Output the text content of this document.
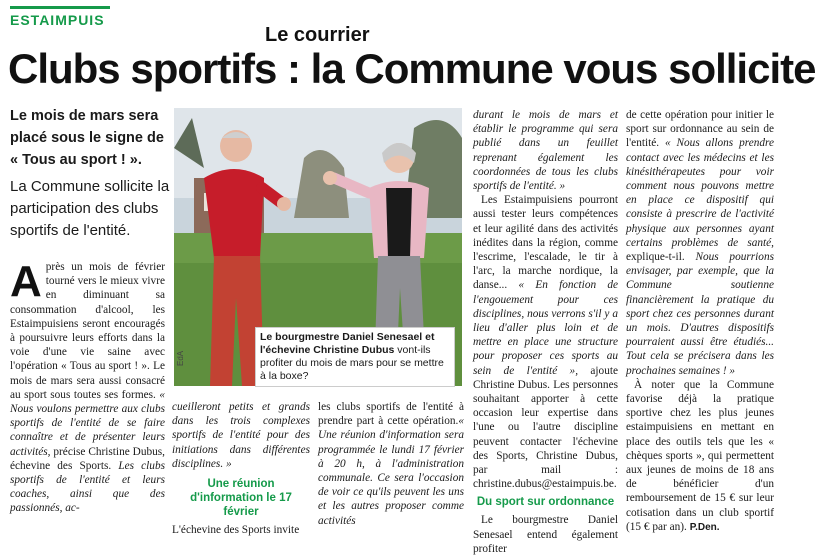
ESTAIMPUIS
Le courrier
Clubs sportifs : la Commune vous sollicite
Le mois de mars sera placé sous le signe de « Tous au sport ! ».
La Commune sollicite la participation des clubs sportifs de l'entité.
Le bourgmestre Daniel Senesael et l'échevine Christine Dubus vont-ils profiter du mois de mars pour se mettre à la boxe?
EdA

Après un mois de février tourné vers le mieux vivre en diminuant sa consommation d'alcool, les Estaimpuisiens seront encouragés à poursuivre leurs efforts dans la voie d'une vie saine avec l'opération « Tous au sport ! ». Le mois de mars sera aussi consacré au sport sous toutes ses formes. « Nous voulons permettre aux clubs sportifs de l'entité de se faire connaître et de présenter leurs activités, précise Christine Dubus, échevine des Sports. Les clubs sportifs de l'entité et leurs coaches, ainsi que des passionnés, ac-

cueilleront petits et grands dans les trois complexes sportifs de l'entité pour des initiations dans différentes disciplines. »

Une réunion d'information le 17 février

L'échevine des Sports invite

les clubs sportifs de l'entité à prendre part à cette opération.« Une réunion d'information sera programmée le lundi 17 février à 20 h, à l'administration communale. Ce sera l'occasion de voir ce qu'ils peuvent les uns et les autres proposer comme activités

durant le mois de mars et établir le programme qui sera publié dans un feuillet reprenant également les coordonnées de tous les clubs sportifs de l'entité. »

Les Estaimpuisiens pourront aussi tester leurs compétences et leur agilité dans des activités inédites dans la région, comme l'escrime, l'escalade, le tir à l'arc, la marche nordique, la danse... « En fonction de l'engouement pour ces disciplines, nous verrons s'il y a lieu d'aller plus loin et de mettre en place une structure pour proposer ces sports au sein de l'entité », ajoute Christine Dubus. Les personnes souhaitant apporter à cette occasion leur expertise dans l'une ou l'autre discipline peuvent contacter l'échevine des Sports, Christine Dubus, par mail : christine.dubus@estaimpuis.be.

Du sport sur ordonnance

Le bourgmestre Daniel Senesael entend également profiter

de cette opération pour initier le sport sur ordonnance au sein de l'entité. « Nous allons prendre contact avec les médecins et les kinésithérapeutes pour voir comment nous pouvons mettre en place ce dispositif qui consiste à prescrire de l'activité physique aux personnes ayant certains problèmes de santé, explique-t-il. Nous pourrions envisager, par exemple, que la Commune soutienne financièrement la pratique du sport chez ces personnes durant un mois. D'autres dispositifs pourraient aussi être étudiés... Tout cela se précisera dans les prochaines semaines ! »

À noter que la Commune favorise déjà la pratique sportive chez les plus jeunes estaimpuisiens en mettant en place des outils tels que les « chèques sports », qui permettent aux jeunes de moins de 18 ans de bénéficier d'un remboursement de 15 € sur leur cotisation dans un club sportif (15 € par an). P.Den.
